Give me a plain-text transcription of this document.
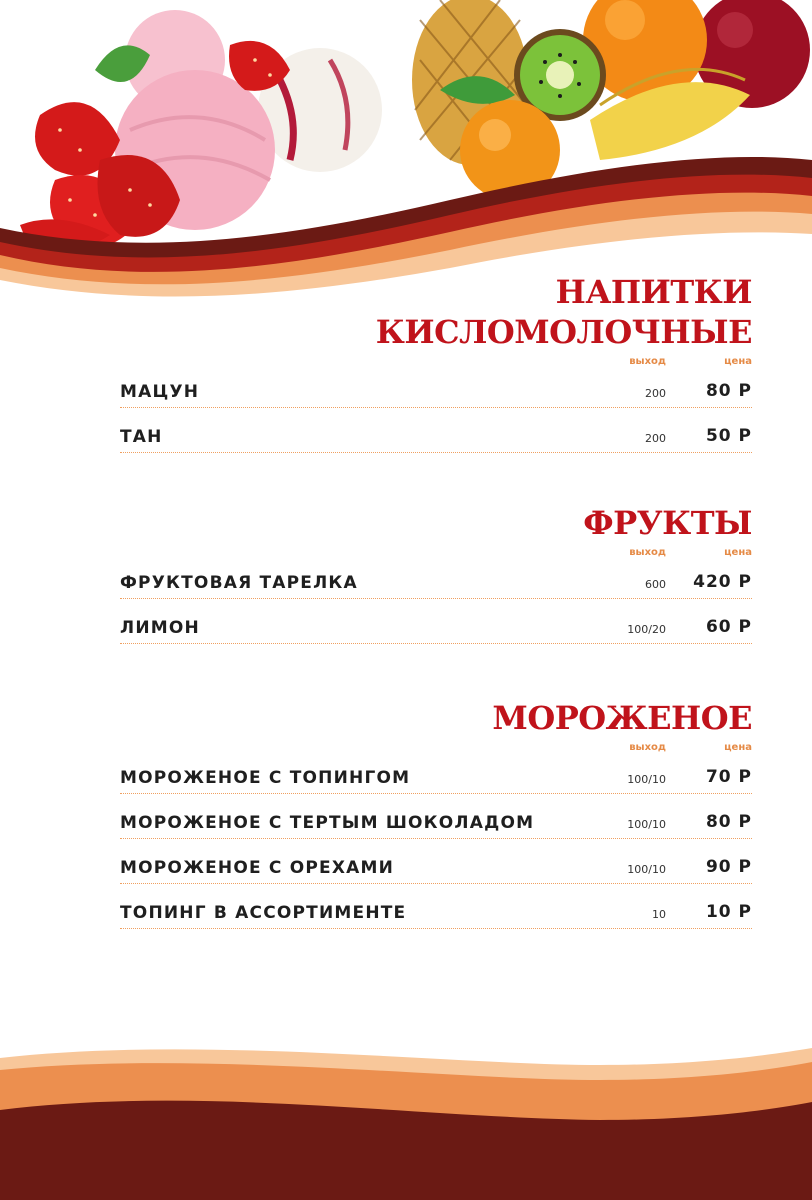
НАПИТКИ
КИСЛОМОЛОЧНЫЕ
выход	цена
МАЦУН	200 80 Р
ТАН	200 50 Р
ФРУКТЫ
выход	цена
ФРУКТОВАЯ ТАРЕЛКА	600 420 Р
ЛИМОН	100/20 60 Р
МОРОЖЕНОЕ
выход	цена
МОРОЖЕНОЕ С ТОПИНГОМ	100/10 70 Р
МОРОЖЕНОЕ С ТЕРТЫМ ШОКОЛАДОМ	100/10 80 Р
МОРОЖЕНОЕ С ОРЕХАМИ	100/10 90 Р
ТОПИНГ В АССОРТИМЕНТЕ	10 10 Р
